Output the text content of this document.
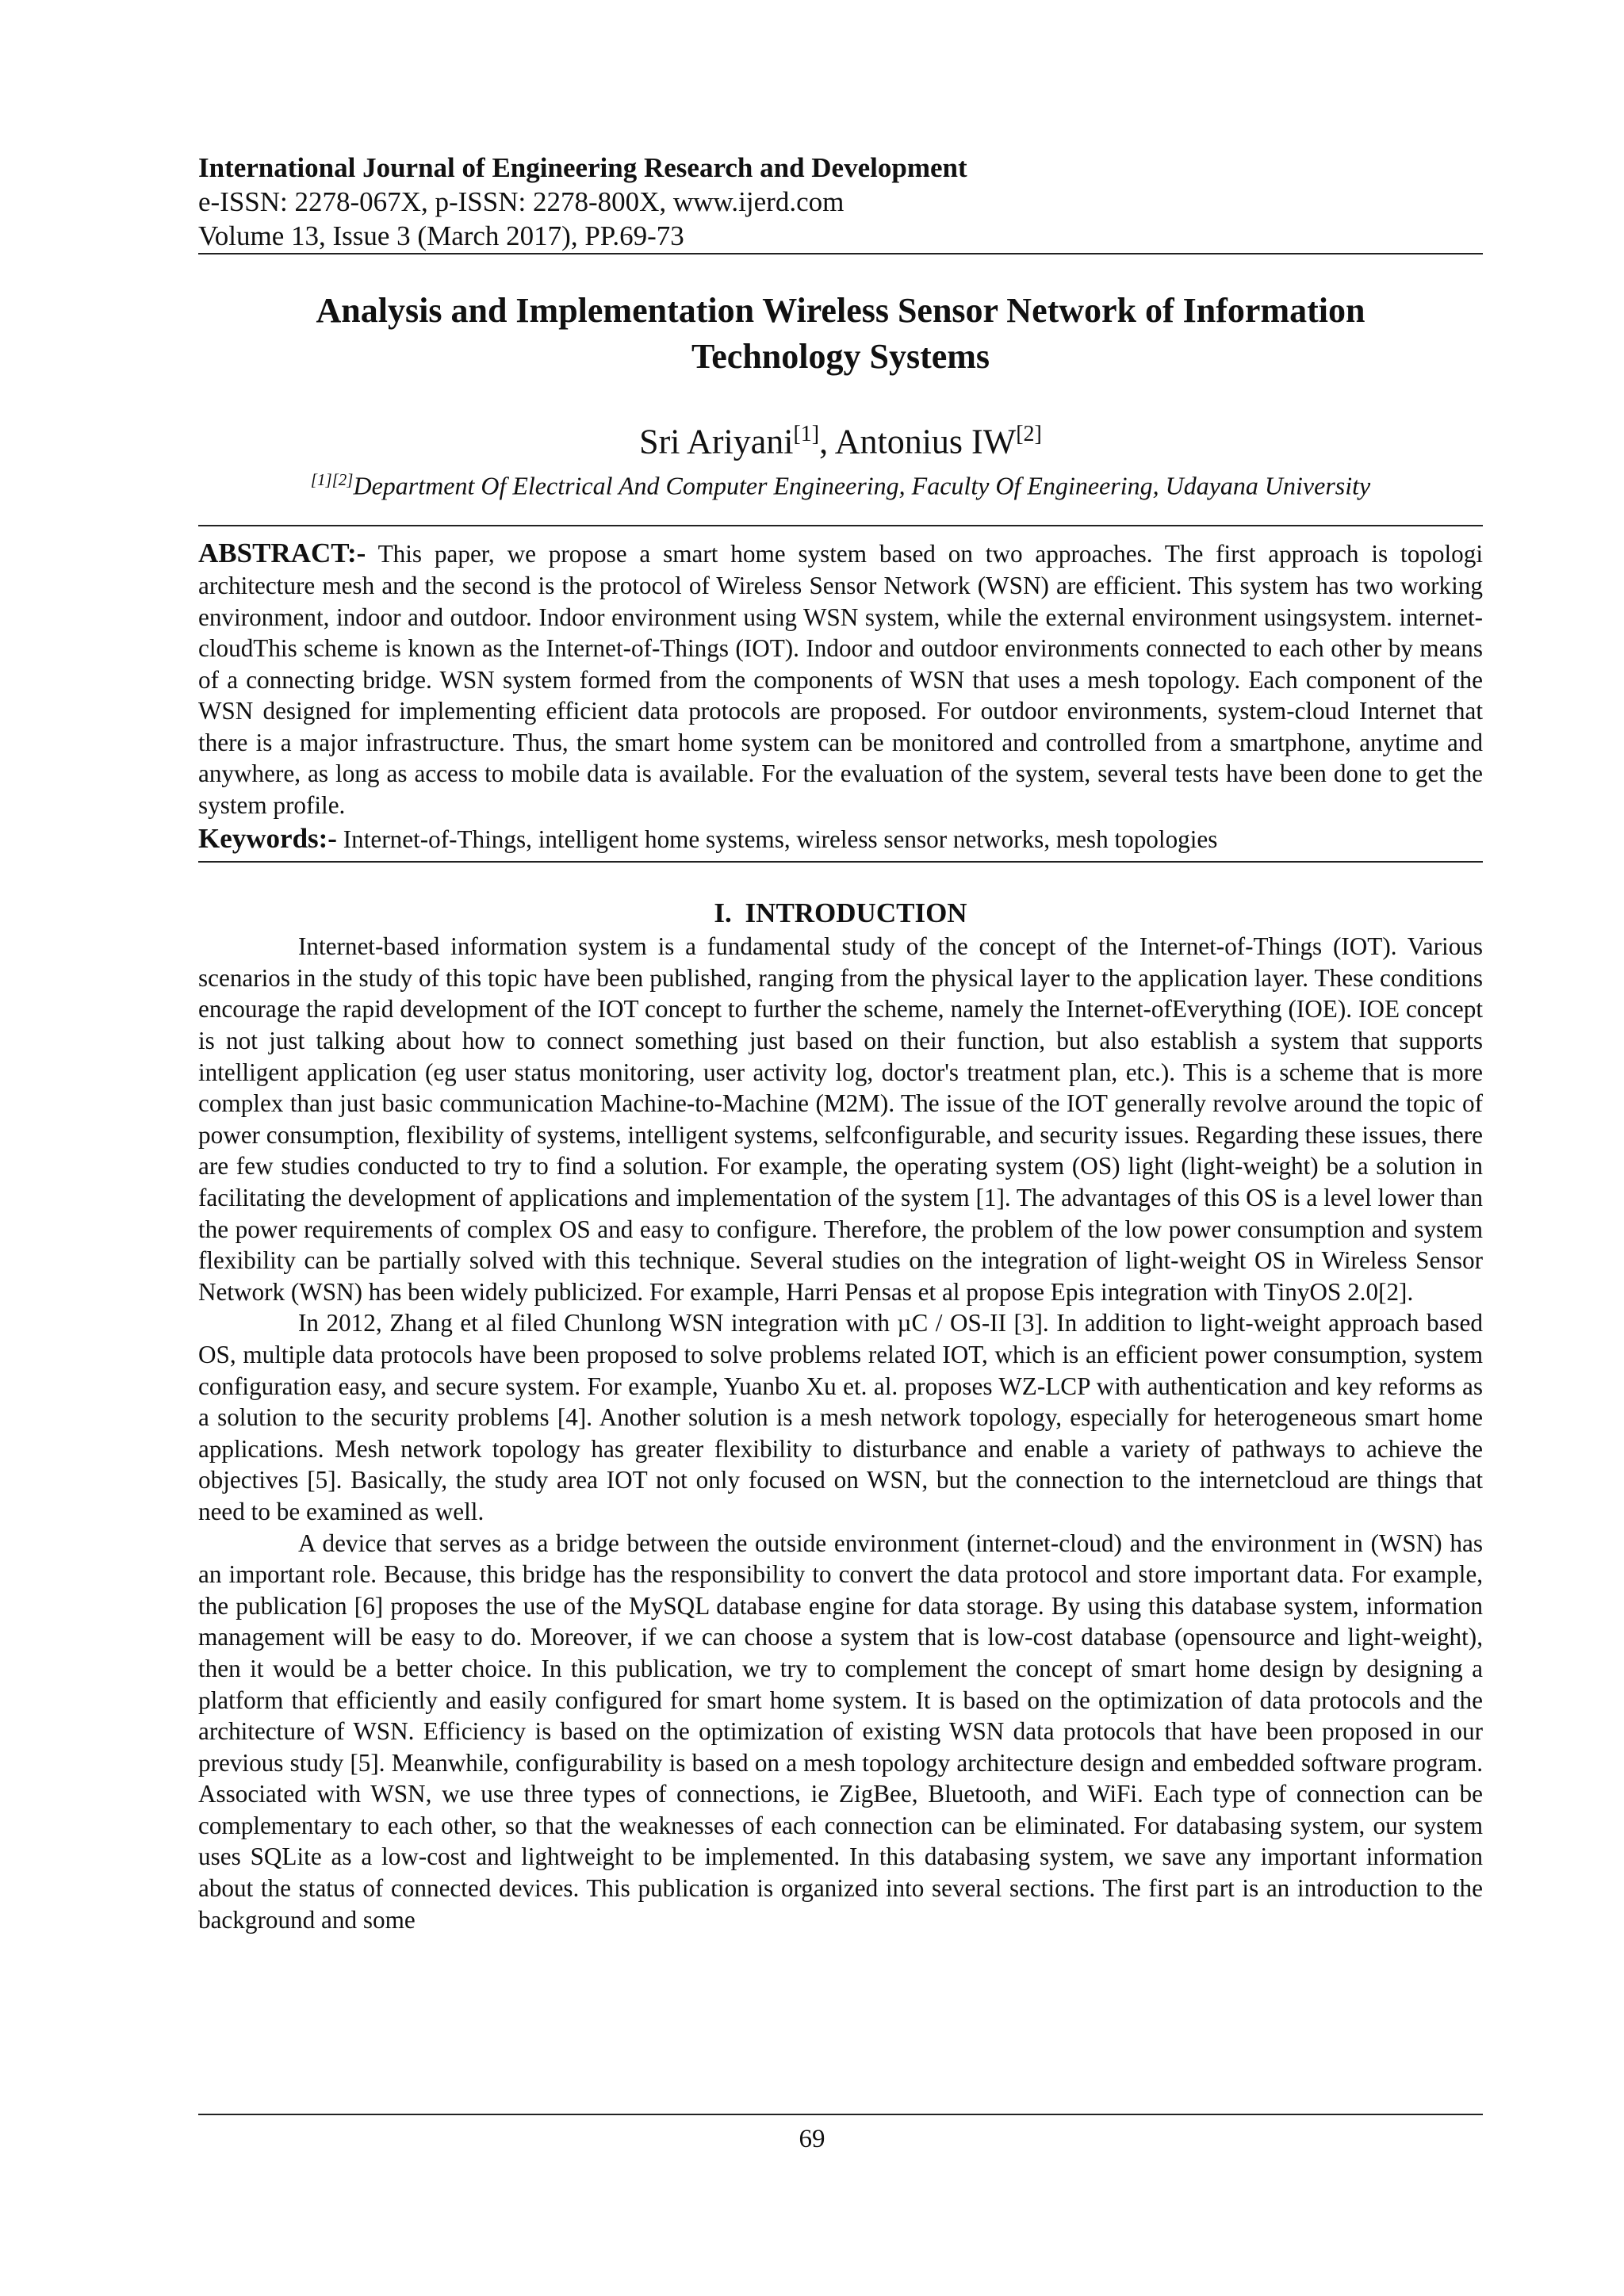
International Journal of Engineering Research and Development
e-ISSN: 2278-067X, p-ISSN: 2278-800X, www.ijerd.com
Volume 13, Issue 3 (March 2017), PP.69-73
Analysis and Implementation Wireless Sensor Network of Information Technology Systems
Sri Ariyani[1], Antonius IW[2]
[1][2]Department Of Electrical And Computer Engineering, Faculty Of Engineering, Udayana University
ABSTRACT:- This paper, we propose a smart home system based on two approaches. The first approach is topologi architecture mesh and the second is the protocol of Wireless Sensor Network (WSN) are efficient. This system has two working environment, indoor and outdoor. Indoor environment using WSN system, while the external environment usingsystem. internet-cloudThis scheme is known as the Internet-of-Things (IOT). Indoor and outdoor environments connected to each other by means of a connecting bridge. WSN system formed from the components of WSN that uses a mesh topology. Each component of the WSN designed for implementing efficient data protocols are proposed. For outdoor environments, system-cloud Internet that there is a major infrastructure. Thus, the smart home system can be monitored and controlled from a smartphone, anytime and anywhere, as long as access to mobile data is available. For the evaluation of the system, several tests have been done to get the system profile.
Keywords:- Internet-of-Things, intelligent home systems, wireless sensor networks, mesh topologies
I. INTRODUCTION

Internet-based information system is a fundamental study of the concept of the Internet-of-Things (IOT). Various scenarios in the study of this topic have been published, ranging from the physical layer to the application layer. These conditions encourage the rapid development of the IOT concept to further the scheme, namely the Internet-ofEverything (IOE). IOE concept is not just talking about how to connect something just based on their function, but also establish a system that supports intelligent application (eg user status monitoring, user activity log, doctor's treatment plan, etc.). This is a scheme that is more complex than just basic communication Machine-to-Machine (M2M). The issue of the IOT generally revolve around the topic of power consumption, flexibility of systems, intelligent systems, selfconfigurable, and security issues. Regarding these issues, there are few studies conducted to try to find a solution. For example, the operating system (OS) light (light-weight) be a solution in facilitating the development of applications and implementation of the system [1]. The advantages of this OS is a level lower than the power requirements of complex OS and easy to configure. Therefore, the problem of the low power consumption and system flexibility can be partially solved with this technique. Several studies on the integration of light-weight OS in Wireless Sensor Network (WSN) has been widely publicized. For example, Harri Pensas et al propose Epis integration with TinyOS 2.0[2].

In 2012, Zhang et al filed Chunlong WSN integration with µC / OS-II [3]. In addition to light-weight approach based OS, multiple data protocols have been proposed to solve problems related IOT, which is an efficient power consumption, system configuration easy, and secure system. For example, Yuanbo Xu et. al. proposes WZ-LCP with authentication and key reforms as a solution to the security problems [4]. Another solution is a mesh network topology, especially for heterogeneous smart home applications. Mesh network topology has greater flexibility to disturbance and enable a variety of pathways to achieve the objectives [5]. Basically, the study area IOT not only focused on WSN, but the connection to the internetcloud are things that need to be examined as well.

A device that serves as a bridge between the outside environment (internet-cloud) and the environment in (WSN) has an important role. Because, this bridge has the responsibility to convert the data protocol and store important data. For example, the publication [6] proposes the use of the MySQL database engine for data storage. By using this database system, information management will be easy to do. Moreover, if we can choose a system that is low-cost database (opensource and light-weight), then it would be a better choice. In this publication, we try to complement the concept of smart home design by designing a platform that efficiently and easily configured for smart home system. It is based on the optimization of data protocols and the architecture of WSN. Efficiency is based on the optimization of existing WSN data protocols that have been proposed in our previous study [5]. Meanwhile, configurability is based on a mesh topology architecture design and embedded software program. Associated with WSN, we use three types of connections, ie ZigBee, Bluetooth, and WiFi. Each type of connection can be complementary to each other, so that the weaknesses of each connection can be eliminated. For databasing system, our system uses SQLite as a low-cost and lightweight to be implemented. In this databasing system, we save any important information about the status of connected devices. This publication is organized into several sections. The first part is an introduction to the background and some

69
